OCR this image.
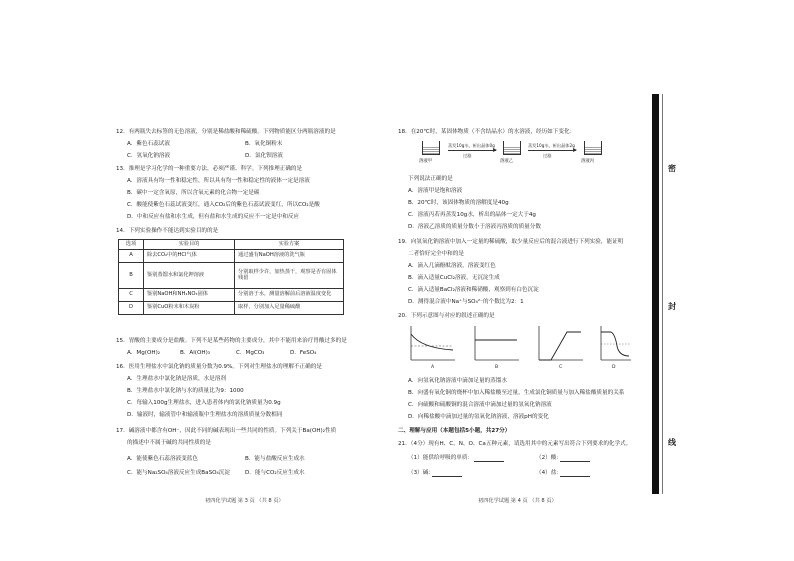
12．有两瓶失去标签的无色溶液，分别是稀盐酸和稀硫酸。下列物质能区分两瓶溶液的是
A．紫色石蕊试液	B．氧化铜粉末
C．氢氧化钠溶液	D．氯化钡溶液
13．推理是学习化学的一种重要方法，必须严谨、科学。下列推理正确的是
A．溶液具有均一性和稳定性，所以具有均一性和稳定性的液体一定是溶液
B．碳中一定含氧原，所以含氧元素的化合物一定是碳
C．酸能使紫色石蕊试液变红，通入CO₂后的紫色石蕊试液变红，所以CO₂是酸
D．中和反应有盐和水生成，但有盐和水生成的反应不一定是中和反应
14．下列实验操作不能达到实验目的的是
选项	实验目的	实验方案
A	除去CO₂中的HCl气体	通过盛有NaOH溶液的洗气瓶
B	鉴别蒸馏水和氯化钾溶液	分别取样少许，加热蒸干，观察是否有固体残留
C	鉴别NaOH和NH₄NO₃固体	分别溶于水，测量溶解前后溶液温度变化
D	鉴别CuO粉末和木炭粉	取样，分别加入足量稀硫酸
15．胃酸的主要成分是盐酸。下列不是某些药物的主要成分，其中不能用来治疗胃酸过多的是
A．Mg(OH)₂	B．Al(OH)₃	C．MgCO₃	D．FeSO₄
16．医用生理盐水中氯化钠的质量分数为0.9%。下列对生理盐水的理解不正确的是
A．生理盐水中氯化钠是溶质，水是溶剂
B．生理盐水中氯化钠与水的质量比为9：1000
C．每输入100g生理盐水，进入患者体内的氯化钠质量为0.9g
D．输液时，输液管中和输液瓶中生理盐水的溶质质量分数相同
17．碱溶液中都含有OH⁻，因此不同的碱表现出一些共同的性质。下列关于Ba(OH)₂性质
的描述中不属于碱的共同性质的是
A．能使紫色石蕊溶液变蓝色	B．能与盐酸反应生成水
C．能与Na₂SO₄溶液反应生成BaSO₄沉淀	D．能与CO₂反应生成水
初四化学试题 第 3 页 （共 8 页）
18．在20℃时，某固体物质（不含结晶水）的水溶液，经历如下变化：
蒸发10g水，析出晶体0g
过滤
蒸发10g水，析出晶体2g
过滤
溶液甲	溶液乙	溶液丙
下列说法正确的是
A．溶液甲是饱和溶液
B．20℃时，该固体物质的溶解度是40g
C．溶液丙若再蒸发10g水，析出的晶体一定大于4g
D．溶液乙溶质的质量分数小于溶液丙溶质的质量分数
19．向氢氧化钠溶液中加入一定量的稀硫酸，取少量反应后的混合液进行下列实验，能证明
二者恰好完全中和的是
A．滴入几滴酚酞溶液，溶液变红色
B．滴入适量CuCl₂溶液，无沉淀生成
C．滴入适量BaCl₂溶液和稀硝酸，观察到有白色沉淀
D．测得混合液中Na⁺与SO₄²⁻的个数比为2：1
20．下列示意图与对应的叙述正确的是
A	B	C	D
A．向氢氧化钠溶液中滴加足量的蒸馏水
B．向盛有氧化铜的烧杯中加入稀盐酸至过量，生成氯化铜质量与加入稀盐酸质量的关系
C．向硫酸和硫酸铜的混合溶液中滴加过量的氢氧化钠溶液
D．向稀盐酸中滴加过量的氢氧化钠溶液，溶液pH的变化
二、理解与应用（本题包括5小题，共27分）
21．（4分）现有H、C、N、O、Ca五种元素，请选用其中的元素写出符合下列要求的化学式。
（1）能供给呼吸的单质：	（2）酸：
（3）碱：	（4）盐：
初四化学试题 第 4 页 （共 8 页）
密
封
线
